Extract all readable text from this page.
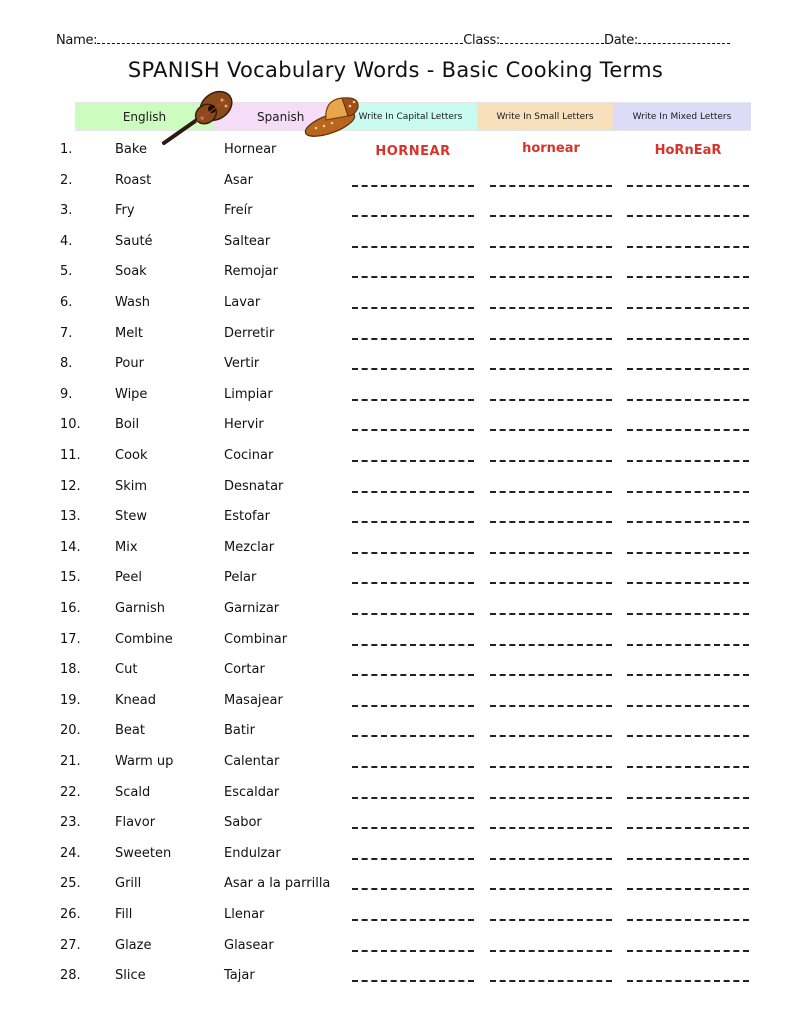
Name:	Class:	Date:
SPANISH Vocabulary Words - Basic Cooking Terms
English	Spanish	Write In Capital Letters	Write In Small Letters	Write In Mixed Letters
1.	Bake	Hornear	HORNEAR	hornear	HoRnEaR
2.	Roast	Asar
3.	Fry	Freír
4.	Sauté	Saltear
5.	Soak	Remojar
6.	Wash	Lavar
7.	Melt	Derretir
8.	Pour	Vertir
9.	Wipe	Limpiar
10.	Boil	Hervir
11.	Cook	Cocinar
12.	Skim	Desnatar
13.	Stew	Estofar
14.	Mix	Mezclar
15.	Peel	Pelar
16.	Garnish	Garnizar
17.	Combine	Combinar
18.	Cut	Cortar
19.	Knead	Masajear
20.	Beat	Batir
21.	Warm up	Calentar
22.	Scald	Escaldar
23.	Flavor	Sabor
24.	Sweeten	Endulzar
25.	Grill	Asar a la parrilla
26.	Fill	Llenar
27.	Glaze	Glasear
28.	Slice	Tajar
